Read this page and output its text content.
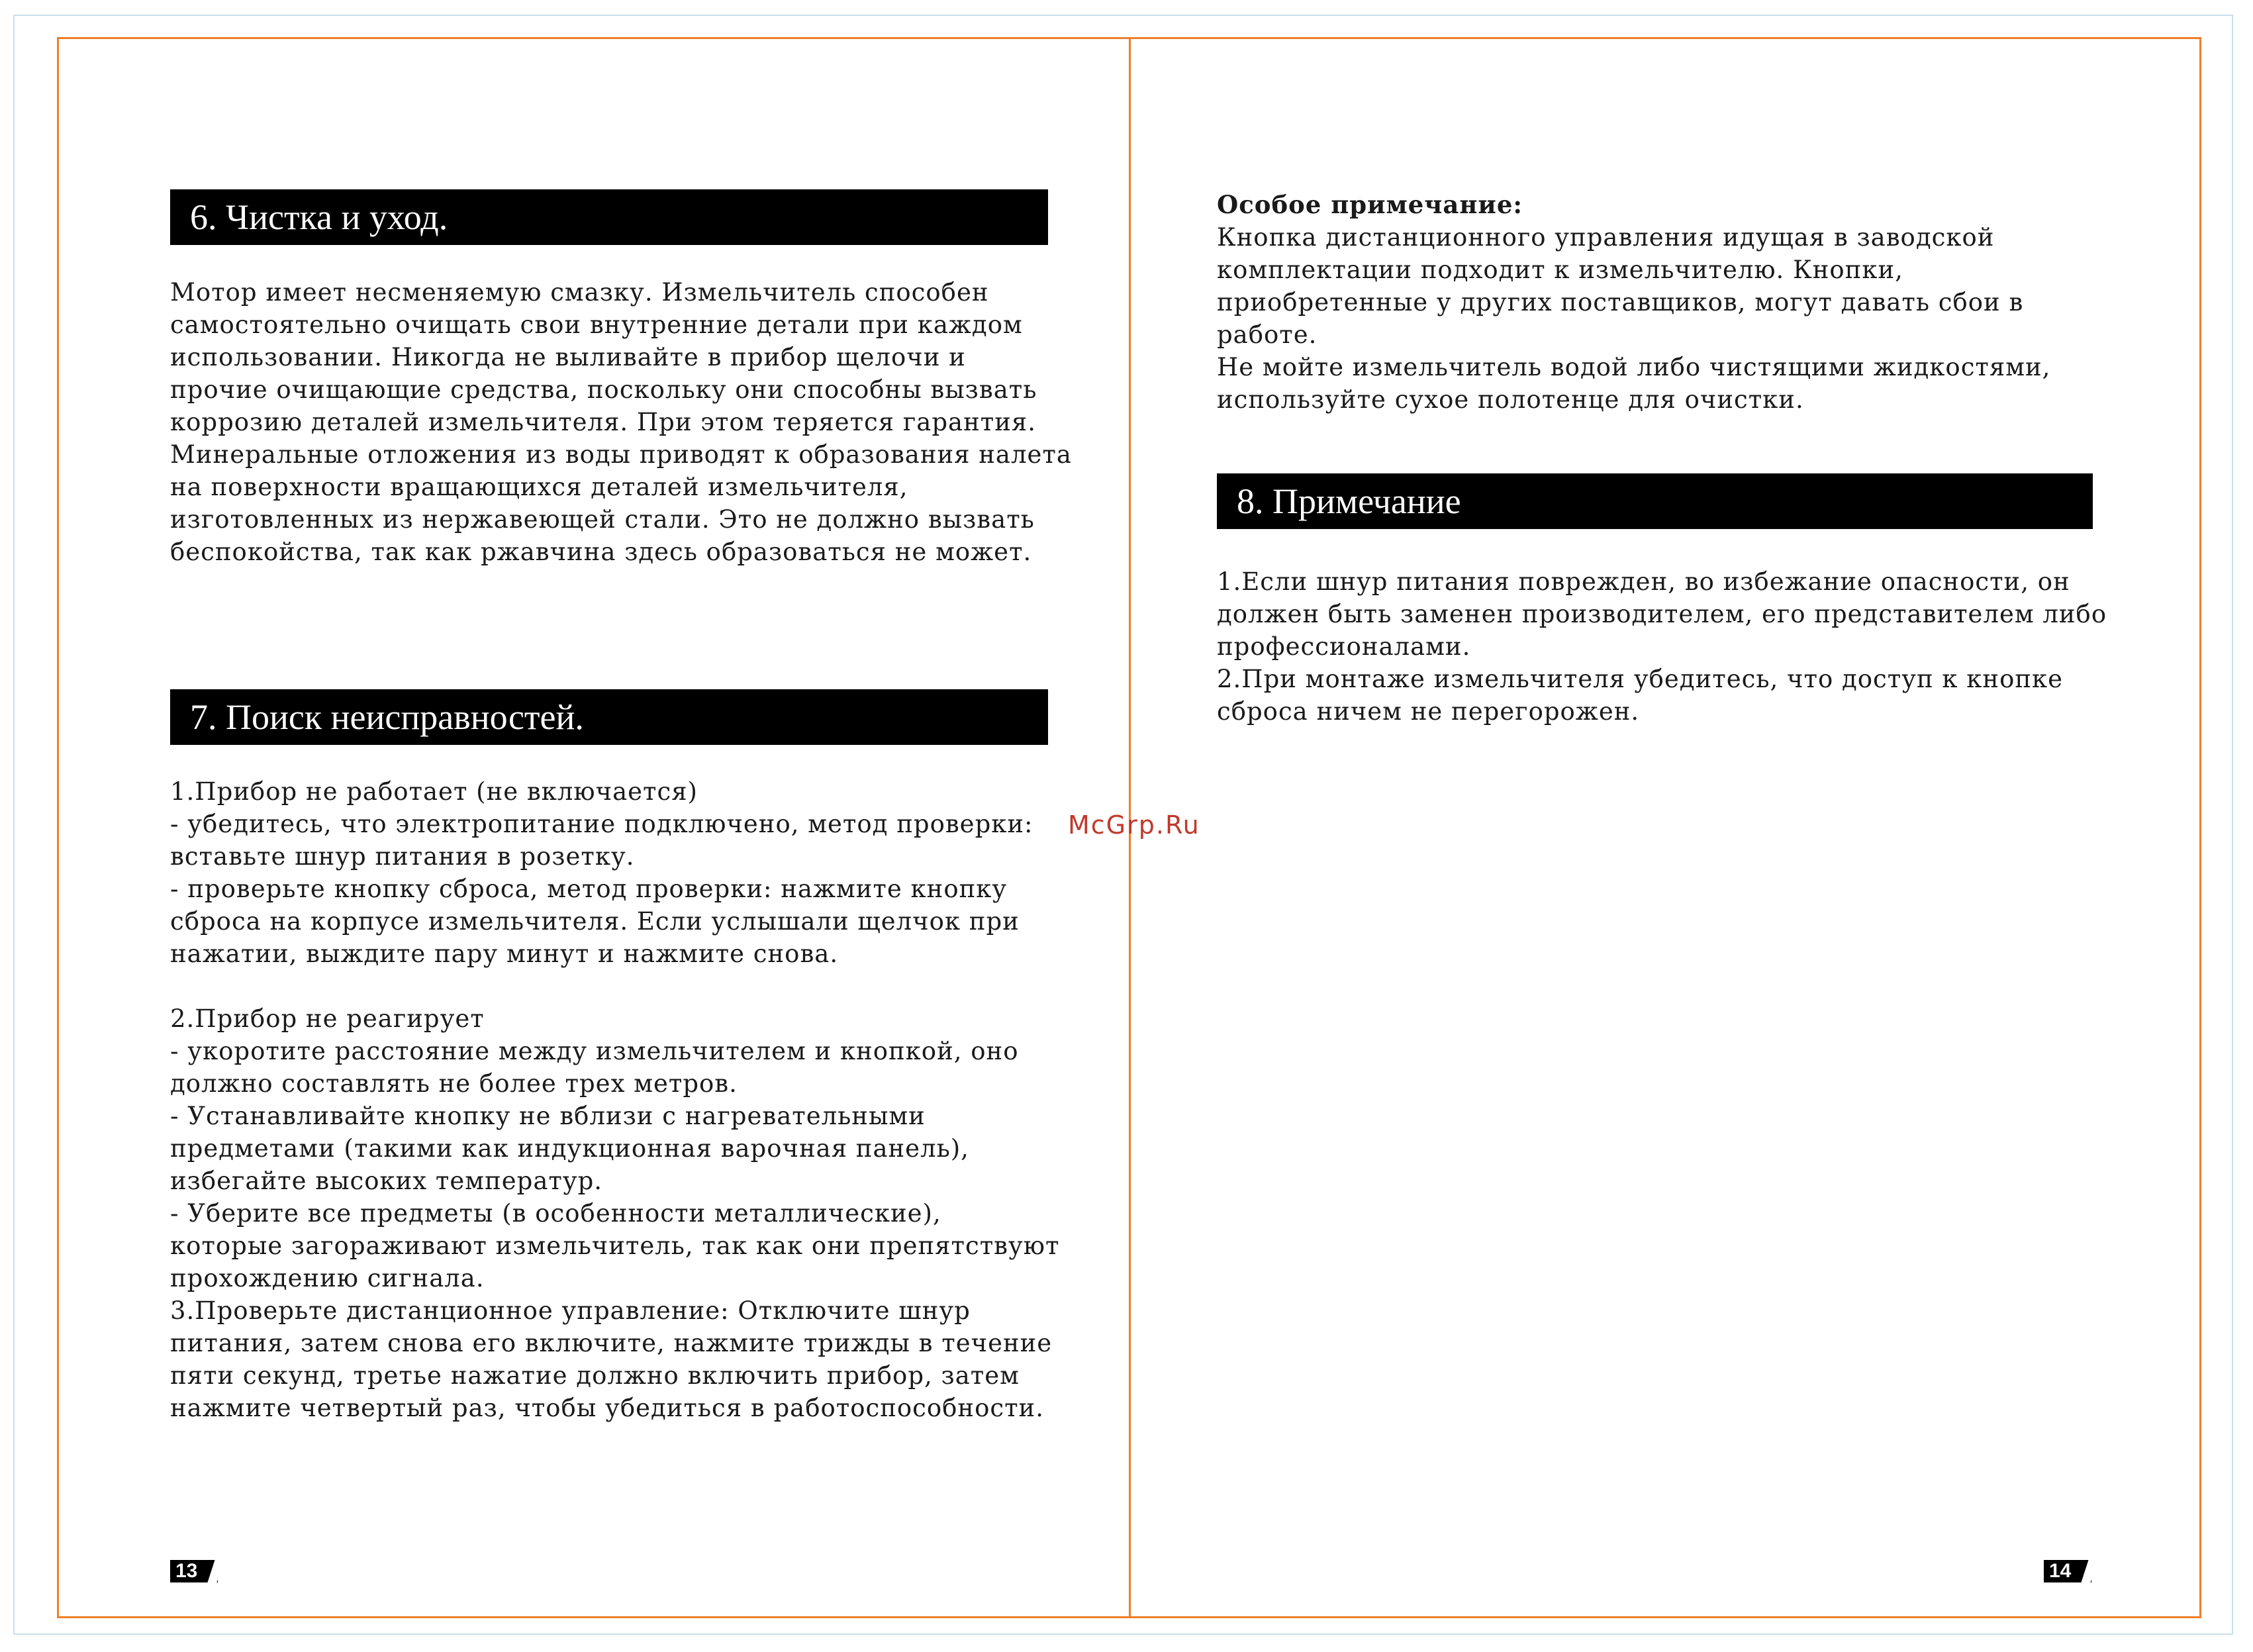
6. Чистка и уход.

Мотор имеет несменяемую смазку. Измельчитель способен

самостоятельно очищать свои внутренние детали при каждом

использовании. Никогда не выливайте в прибор щелочи и

прочие очищающие средства, поскольку они способны вызвать

коррозию деталей измельчителя. При этом теряется гарантия.

Минеральные отложения из воды приводят к образования налета

на поверхности вращающихся деталей измельчителя,

изготовленных из нержавеющей стали. Это не должно вызвать

беспокойства, так как ржавчина здесь образоваться не может.

7. Поиск неисправностей.

1.Прибор не работает (не включается)

- убедитесь, что электропитание подключено, метод проверки:

вставьте шнур питания в розетку.

- проверьте кнопку сброса, метод проверки: нажмите кнопку

сброса на корпусе измельчителя. Если услышали щелчок при

нажатии, выждите пару минут и нажмите снова.

2.Прибор не реагирует

- укоротите расстояние между измельчителем и кнопкой, оно

должно составлять не более трех метров.

- Устанавливайте кнопку не вблизи с нагревательными

предметами (такими как индукционная варочная панель),

избегайте высоких температур.

- Уберите все предметы (в особенности металлические),

которые загораживают измельчитель, так как они препятствуют

прохождению сигнала.

3.Проверьте дистанционное управление: Отключите шнур

питания, затем снова его включите, нажмите трижды в течение

пяти секунд, третье нажатие должно включить прибор, затем

нажмите четвертый раз, чтобы убедиться в работоспособности.

13

Особое примечание:

Кнопка дистанционного управления идущая в заводской

комплектации подходит к измельчителю. Кнопки,

приобретенные у других поставщиков, могут давать сбои в

работе.

Не мойте измельчитель водой либо чистящими жидкостями,

используйте сухое полотенце для очистки.

8. Примечание

1.Если шнур питания поврежден, во избежание опасности, он

должен быть заменен производителем, его представителем либо

профессионалами.

2.При монтаже измельчителя убедитесь, что доступ к кнопке

сброса ничем не перегорожен.

14
McGrp.Ru
